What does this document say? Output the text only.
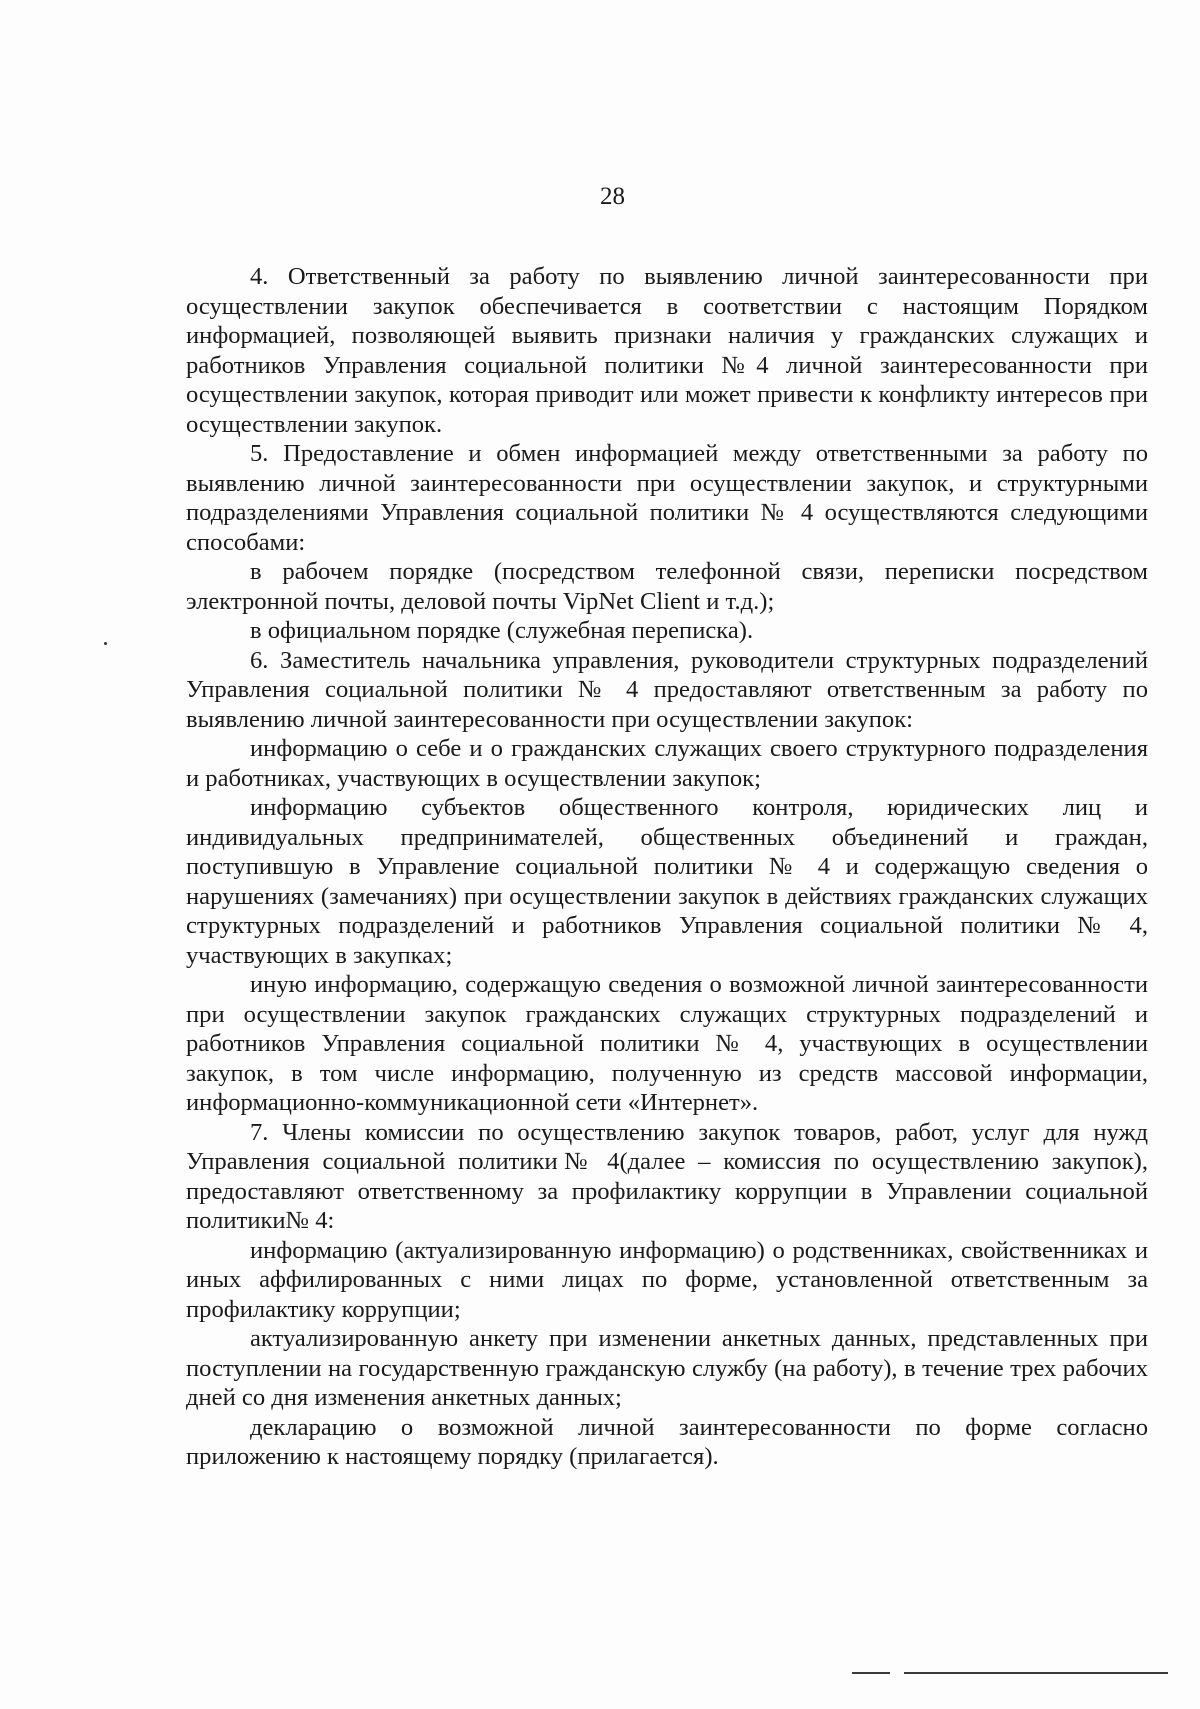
28

4. Ответственный за работу по выявлению личной заинтересованности при осуществлении закупок обеспечивается в соответствии с настоящим Порядком информацией, позволяющей выявить признаки наличия у гражданских служащих и работников Управления социальной политики №4 личной заинтересованности при осуществлении закупок, которая приводит или может привести к конфликту интересов при осуществлении закупок.

5. Предоставление и обмен информацией между ответственными за работу по выявлению личной заинтересованности при осуществлении закупок, и структурными подразделениями Управления социальной политики № 4 осуществляются следующими способами:

в рабочем порядке (посредством телефонной связи, переписки посредством электронной почты, деловой почты VipNet Client и т.д.);

в официальном порядке (служебная переписка).

6. Заместитель начальника управления, руководители структурных подразделений Управления социальной политики № 4 предоставляют ответственным за работу по выявлению личной заинтересованности при осуществлении закупок:

информацию о себе и о гражданских служащих своего структурного подразделения и работниках, участвующих в осуществлении закупок;

информацию субъектов общественного контроля, юридических лиц и индивидуальных предпринимателей, общественных объединений и граждан, поступившую в Управление социальной политики № 4 и содержащую сведения о нарушениях (замечаниях) при осуществлении закупок в действиях гражданских служащих структурных подразделений и работников Управления социальной политики № 4, участвующих в закупках;

иную информацию, содержащую сведения о возможной личной заинтересованности при осуществлении закупок гражданских служащих структурных подразделений и работников Управления социальной политики № 4, участвующих в осуществлении закупок, в том числе информацию, полученную из средств массовой информации, информационно-коммуникационной сети «Интернет».

7. Члены комиссии по осуществлению закупок товаров, работ, услуг для нужд Управления социальной политики№ 4(далее – комиссия по осуществлению закупок), предоставляют ответственному за профилактику коррупции в Управлении социальной политики№ 4:

информацию (актуализированную информацию) о родственниках, свойственниках и иных аффилированных с ними лицах по форме, установленной ответственным за профилактику коррупции;

актуализированную анкету при изменении анкетных данных, представленных при поступлении на государственную гражданскую службу (на работу), в течение трех рабочих дней со дня изменения анкетных данных;

декларацию о возможной личной заинтересованности по форме согласно приложению к настоящему порядку (прилагается).
